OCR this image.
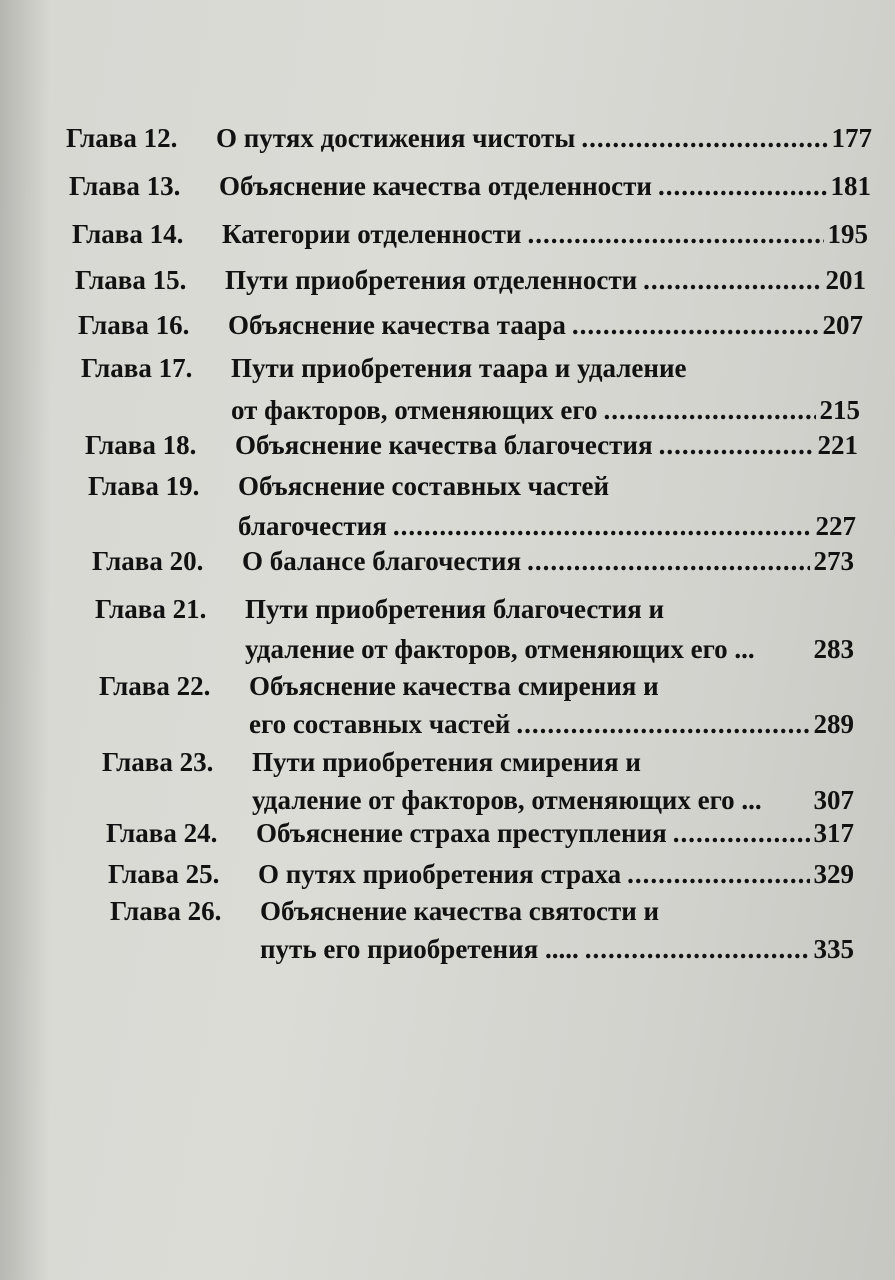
Глава 12.	О путях достижения чистоты .....	177
Глава 13.	Объяснение качества отделенности .....	181
Глава 14.	Категории отделенности .....	195
Глава 15.	Пути приобретения отделенности .....	201
Глава 16.	Объяснение качества таара .....	207
Глава 17.	Пути приобретения таара и удаление
от факторов, отменяющих его .....	215
Глава 18.	Объяснение качества благочестия .....	221
Глава 19.	Объяснение составных частей
благочестия .....	227
Глава 20.	О балансе благочестия .....	273
Глава 21.	Пути приобретения благочестия и
удаление от факторов, отменяющих его ... 283
Глава 22.	Объяснение качества смирения и
его составных частей .....	289
Глава 23.	Пути приобретения смирения и
удаление от факторов, отменяющих его ... 307
Глава 24.	Объяснение страха преступления .....	317
Глава 25.	О путях приобретения страха .....	329
Глава 26.	Объяснение качества святости и
путь его приобретения ..... .....	335
